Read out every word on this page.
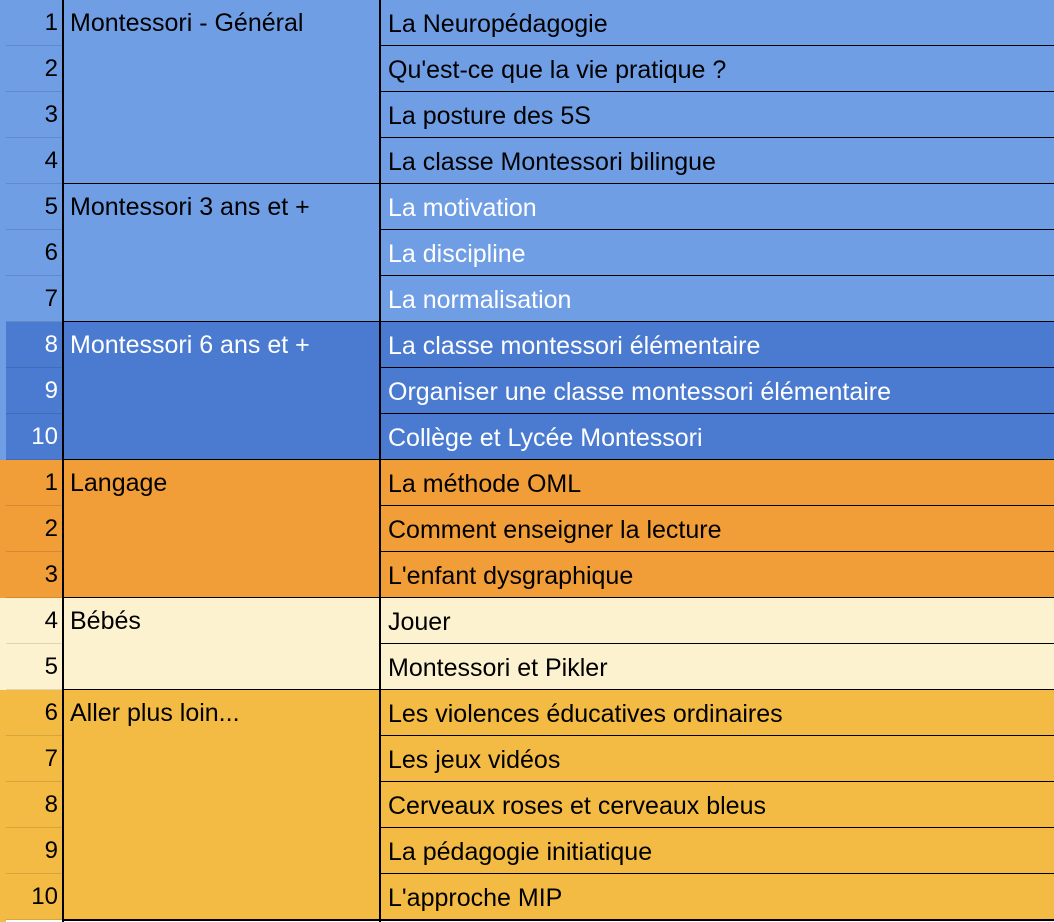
Montessori - Général
1	La Neuropédagogie
2	Qu'est-ce que la vie pratique ?
3	La posture des 5S
4	La classe Montessori bilingue
Montessori 3 ans et +
5	La motivation
6	La discipline
7	La normalisation
Montessori 6 ans et +
8	La classe montessori élémentaire
9	Organiser une classe montessori élémentaire
10	Collège et Lycée Montessori
Langage
1	La méthode OML
2	Comment enseigner la lecture
3	L'enfant dysgraphique
Bébés
4	Jouer
5	Montessori et Pikler
Aller plus loin...
6	Les violences éducatives ordinaires
7	Les jeux vidéos
8	Cerveaux roses et cerveaux bleus
9	La pédagogie initiatique
10	L'approche MIP
